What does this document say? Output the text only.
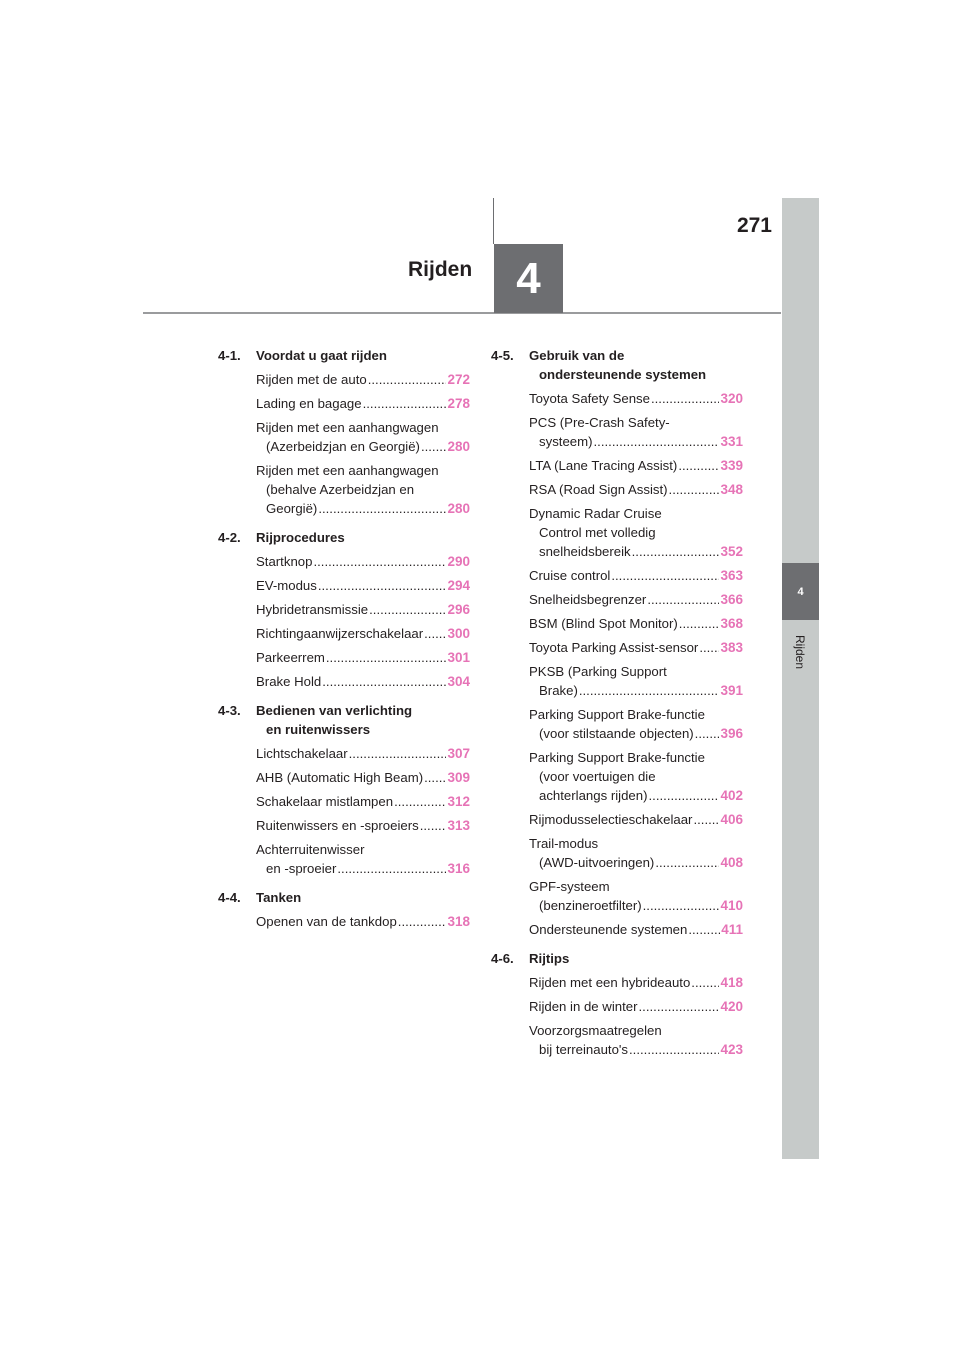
271
Rijden	4
4
Rijden
4-1.	Voordat u gaat rijden
Rijden met de auto .....	272
Lading en bagage .....	278
Rijden met een aanhangwagen
(Azerbeidzjan en Georgië) ..... 280
Rijden met een aanhangwagen
(behalve Azerbeidzjan en
Georgië) .....	280
4-2.	Rijprocedures
Startknop .....	290
EV-modus .....	294
Hybridetransmissie .....	296
Richtingaanwijzerschakelaar ..... 300
Parkeerrem .....	301
Brake Hold .....	304
4-3.	Bedienen van verlichting
en ruitenwissers
Lichtschakelaar .....	307
AHB (Automatic High Beam) ..... 309
Schakelaar mistlampen .....	312
Ruitenwissers en -sproeiers ..... 313
Achterruitenwisser
en -sproeier .....	316
4-4.	Tanken
Openen van de tankdop .....	318
4-5.	Gebruik van de
ondersteunende systemen
Toyota Safety Sense .....	320
PCS (Pre-Crash Safety-
systeem) .....	331
LTA (Lane Tracing Assist) .....	339
RSA (Road Sign Assist) .....	348
Dynamic Radar Cruise
Control met volledig
snelheidsbereik .....	352
Cruise control .....	363
Snelheidsbegrenzer .....	366
BSM (Blind Spot Monitor) .....	368
Toyota Parking Assist-sensor ..... 383
PKSB (Parking Support
Brake) .....	391
Parking Support Brake-functie
(voor stilstaande objecten) ..... 396
Parking Support Brake-functie
(voor voertuigen die
achterlangs rijden) .....	402
Rijmodusselectieschakelaar ..... 406
Trail-modus
(AWD-uitvoeringen) .....	408
GPF-systeem
(benzineroetfilter) .....	410
Ondersteunende systemen .....	411
4-6.	Rijtips
Rijden met een hybrideauto ..... 418
Rijden in de winter .....	420
Voorzorgsmaatregelen
bij terreinauto's .....	423
